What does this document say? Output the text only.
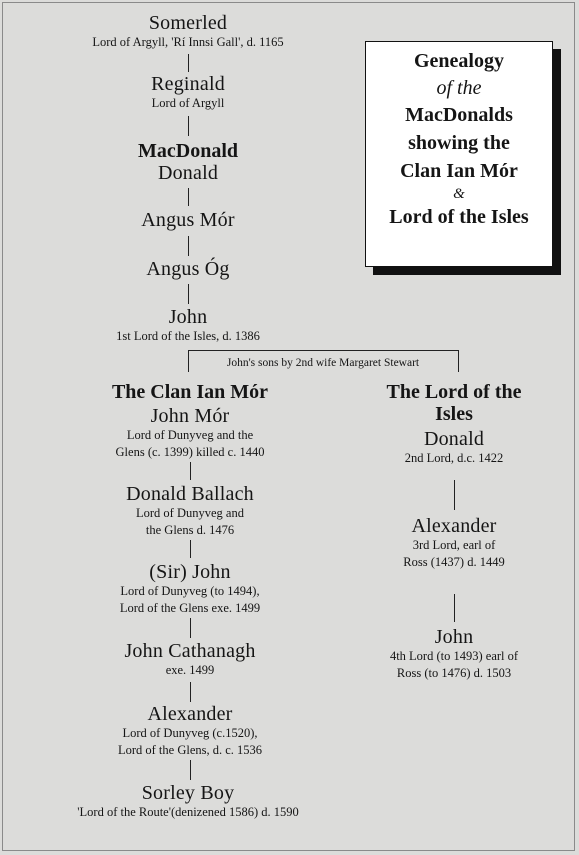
Genealogy
of the
MacDonalds
showing the
Clan Ian Mór
&
Lord of the Isles
Somerled
Lord of Argyll, 'Rí Innsi Gall', d. 1165
Reginald
Lord of Argyll
MacDonald
Donald
Angus Mór
Angus Óg
John
1st Lord of the Isles, d. 1386
John's sons by 2nd wife Margaret Stewart
The Clan Ian Mór
John Mór
Lord of Dunyveg and the
Glens (c. 1399) killed c. 1440
Donald Ballach
Lord of Dunyveg and
the Glens d. 1476
(Sir) John
Lord of Dunyveg (to 1494),
Lord of the Glens exe. 1499
John Cathanagh
exe. 1499
Alexander
Lord of Dunyveg (c.1520),
Lord of the Glens, d. c. 1536
Sorley Boy
'Lord of the Route'(denizened 1586) d. 1590
The Lord of the
Isles
Donald
2nd Lord, d.c. 1422
Alexander
3rd Lord, earl of
Ross (1437) d. 1449
John
4th Lord (to 1493) earl of
Ross (to 1476) d. 1503
